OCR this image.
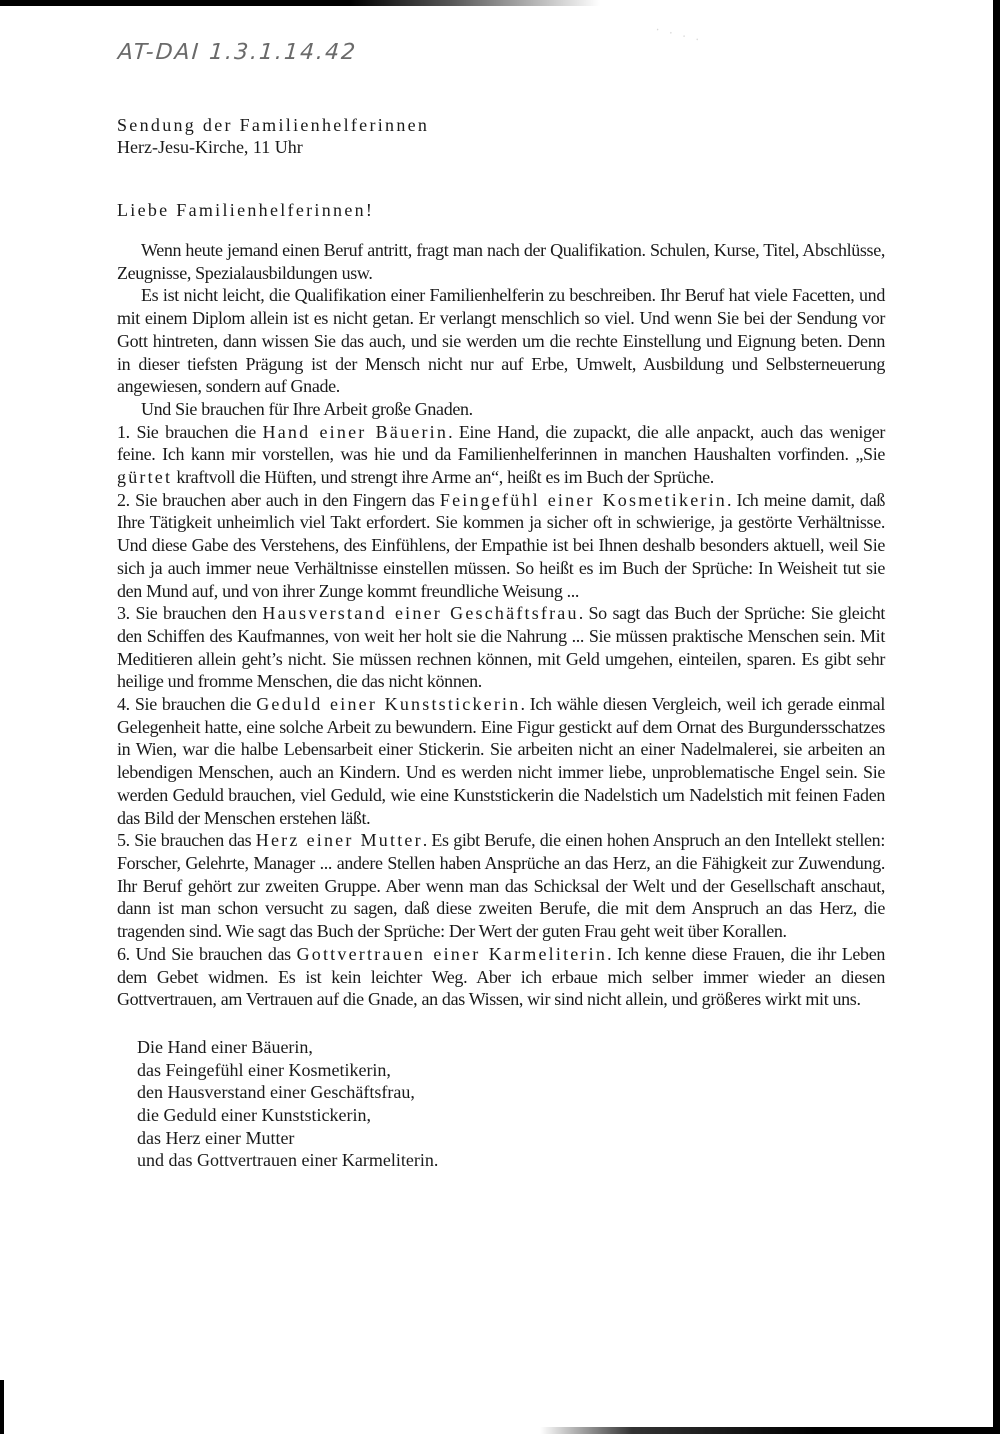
AT-DAI 1.3.1.14.42
· · · ·

Sendung der Familienhelferinnen

Herz-Jesu-Kirche, 11 Uhr

Liebe Familienhelferinnen!

Wenn heute jemand einen Beruf antritt, fragt man nach der Qualifikation. Schulen, Kurse, Titel, Abschlüsse, Zeugnisse, Spezialausbildungen usw.

Es ist nicht leicht, die Qualifikation einer Familienhelferin zu beschreiben. Ihr Beruf hat viele Facetten, und mit einem Diplom allein ist es nicht getan. Er verlangt menschlich so viel. Und wenn Sie bei der Sendung vor Gott hintreten, dann wissen Sie das auch, und sie werden um die rechte Einstellung und Eignung beten. Denn in dieser tiefsten Prägung ist der Mensch nicht nur auf Erbe, Umwelt, Ausbildung und Selbsterneuerung angewiesen, sondern auf Gnade.

Und Sie brauchen für Ihre Arbeit große Gnaden.

1. Sie brauchen die Hand einer Bäuerin. Eine Hand, die zupackt, die alle anpackt, auch das weniger feine. Ich kann mir vorstellen, was hie und da Familienhelferinnen in manchen Haushalten vorfinden. „Sie gürtet kraftvoll die Hüften, und strengt ihre Arme an“, heißt es im Buch der Sprüche.

2. Sie brauchen aber auch in den Fingern das Feingefühl einer Kosmetikerin. Ich meine damit, daß Ihre Tätigkeit unheimlich viel Takt erfordert. Sie kommen ja sicher oft in schwierige, ja gestörte Verhältnisse. Und diese Gabe des Verstehens, des Einfühlens, der Empathie ist bei Ihnen deshalb besonders aktuell, weil Sie sich ja auch immer neue Verhältnisse einstellen müssen. So heißt es im Buch der Sprüche: In Weisheit tut sie den Mund auf, und von ihrer Zunge kommt freundliche Weisung ...

3. Sie brauchen den Hausverstand einer Geschäftsfrau. So sagt das Buch der Sprüche: Sie gleicht den Schiffen des Kaufmannes, von weit her holt sie die Nahrung ... Sie müssen praktische Menschen sein. Mit Meditieren allein geht’s nicht. Sie müssen rechnen können, mit Geld umgehen, einteilen, sparen. Es gibt sehr heilige und fromme Menschen, die das nicht können.

4. Sie brauchen die Geduld einer Kunststickerin. Ich wähle diesen Vergleich, weil ich gerade einmal Gelegenheit hatte, eine solche Arbeit zu bewundern. Eine Figur gestickt auf dem Ornat des Burgundersschatzes in Wien, war die halbe Lebensarbeit einer Stickerin. Sie arbeiten nicht an einer Nadelmalerei, sie arbeiten an lebendigen Menschen, auch an Kindern. Und es werden nicht immer liebe, unproblematische Engel sein. Sie werden Geduld brauchen, viel Geduld, wie eine Kunststickerin die Nadelstich um Nadelstich mit feinen Faden das Bild der Menschen erstehen läßt.

5. Sie brauchen das Herz einer Mutter. Es gibt Berufe, die einen hohen Anspruch an den Intellekt stellen: Forscher, Gelehrte, Manager ... andere Stellen haben Ansprüche an das Herz, an die Fähigkeit zur Zuwendung. Ihr Beruf gehört zur zweiten Gruppe. Aber wenn man das Schicksal der Welt und der Gesellschaft anschaut, dann ist man schon versucht zu sagen, daß diese zweiten Berufe, die mit dem Anspruch an das Herz, die tragenden sind. Wie sagt das Buch der Sprüche: Der Wert der guten Frau geht weit über Korallen.

6. Und Sie brauchen das Gottvertrauen einer Karmeliterin. Ich kenne diese Frauen, die ihr Leben dem Gebet widmen. Es ist kein leichter Weg. Aber ich erbaue mich selber immer wieder an diesen Gottvertrauen, am Vertrauen auf die Gnade, an das Wissen, wir sind nicht allein, und größeres wirkt mit uns.

Die Hand einer Bäuerin,
das Feingefühl einer Kosmetikerin,
den Hausverstand einer Geschäftsfrau,
die Geduld einer Kunststickerin,
das Herz einer Mutter
und das Gottvertrauen einer Karmeliterin.
